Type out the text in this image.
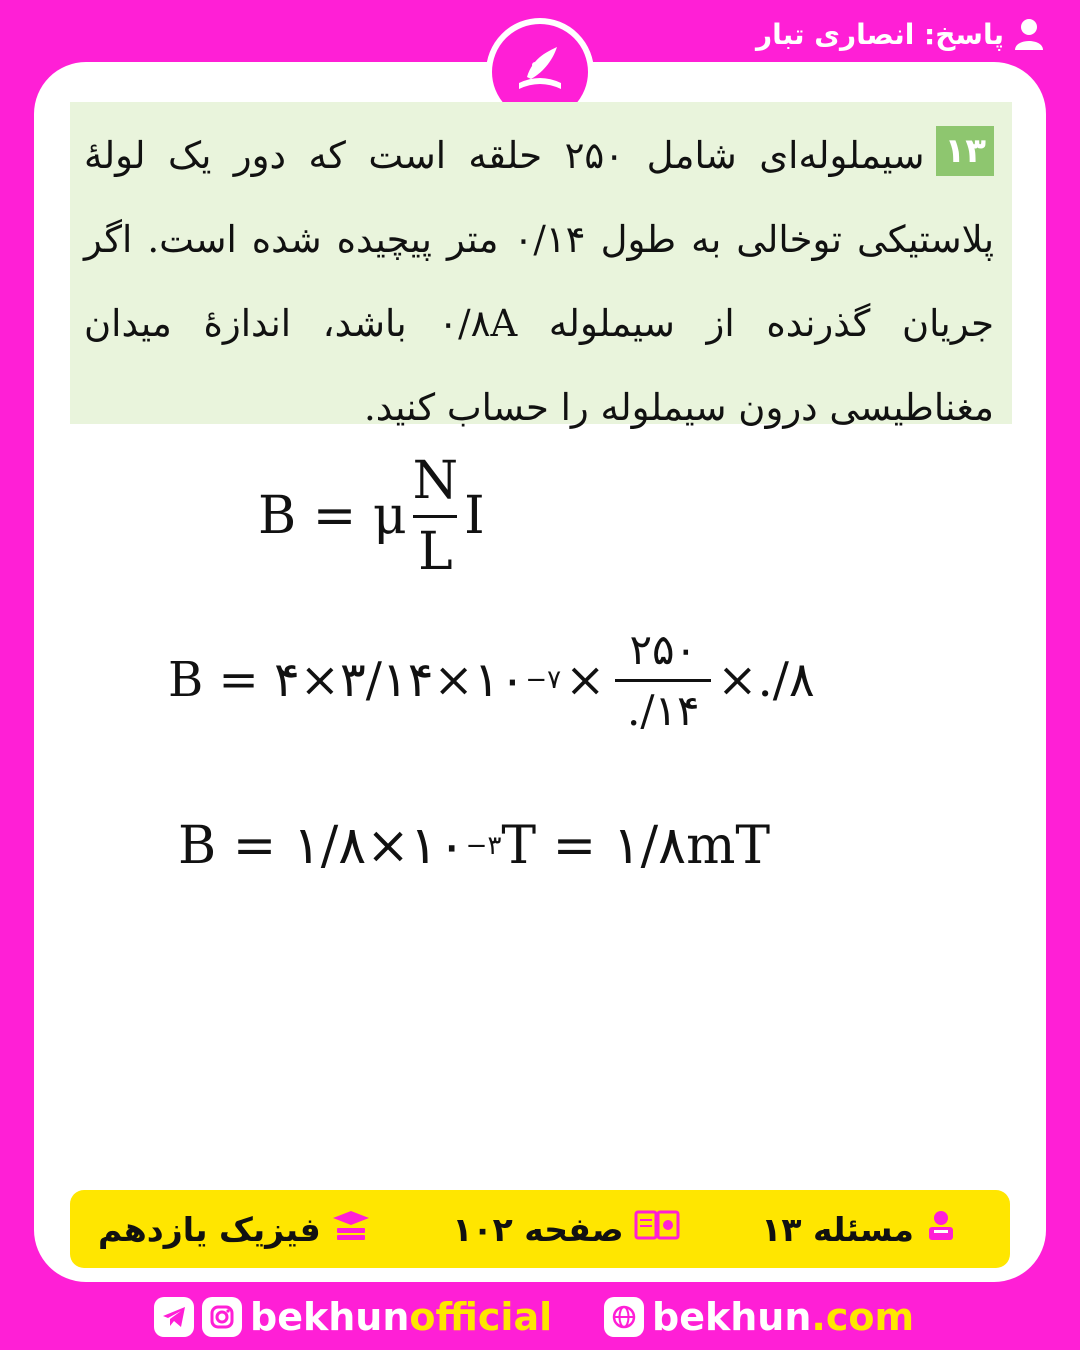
پاسخ: انصاری تبار
۱۳سیملوله‌ای شامل ۲۵۰ حلقه است که دور یک لولهٔ پلاستیکی توخالی به طول ۰/۱۴ متر پیچیده شده است. اگر جریان گذرنده از سیملوله ۰/۸A باشد، اندازهٔ میدان مغناطیسی درون سیملوله را حساب کنید.
B = μ $\frac{N}{L}$ I
B = ۴×۳/۱۴×۱۰ −۷ × $\frac{۲۵۰}{./۱۴}$ ×./۸
B = ۱/۸×۱۰ −۳ T = ۱/۸mT
مسئله ۱۳
صفحه ۱۰۲
فیزیک یازدهم
bekhunofficial	bekhun.com
